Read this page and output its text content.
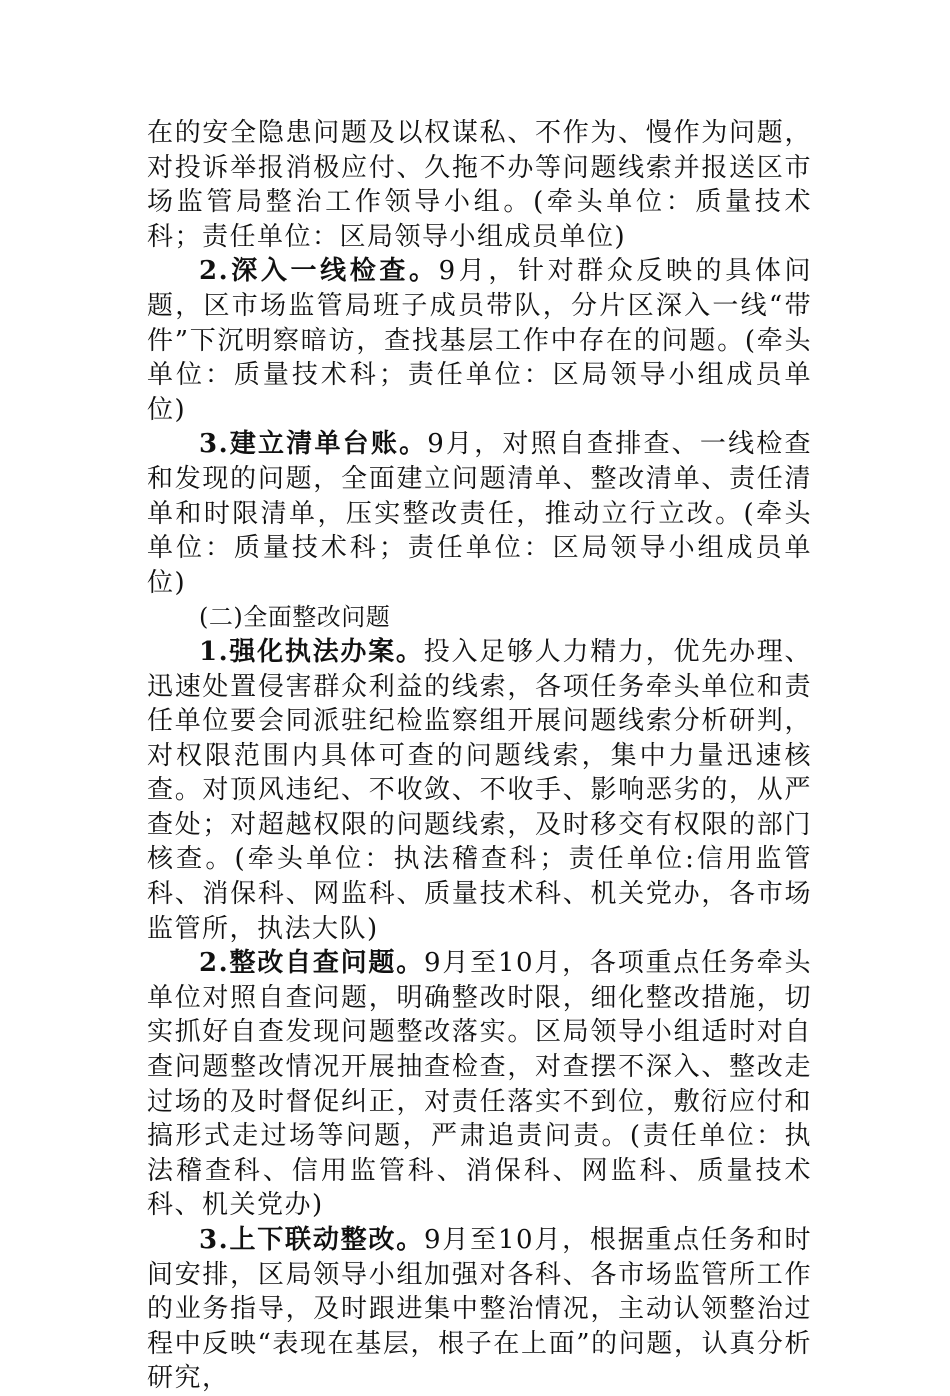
在的安全隐患问题及以权谋私、不作为、慢作为问题，对投诉举报消极应付、久拖不办等问题线索并报送区市场监管局整治工作领导小组。(牵头单位：质量技术科；责任单位：区局领导小组成员单位)

2.深入一线检查。9月，针对群众反映的具体问题，区市场监管局班子成员带队，分片区深入一线“带件”下沉明察暗访，查找基层工作中存在的问题。(牵头单位：质量技术科；责任单位：区局领导小组成员单位)

3.建立清单台账。9月，对照自查排查、一线检查和发现的问题，全面建立问题清单、整改清单、责任清单和时限清单，压实整改责任，推动立行立改。(牵头单位：质量技术科；责任单位：区局领导小组成员单位)

(二)全面整改问题

1.强化执法办案。投入足够人力精力，优先办理、迅速处置侵害群众利益的线索，各项任务牵头单位和责任单位要会同派驻纪检监察组开展问题线索分析研判，对权限范围内具体可查的问题线索，集中力量迅速核查。对顶风违纪、不收敛、不收手、影响恶劣的，从严查处；对超越权限的问题线索，及时移交有权限的部门核查。(牵头单位：执法稽查科；责任单位:信用监管科、消保科、网监科、质量技术科、机关党办，各市场监管所，执法大队)

2.整改自查问题。9月至10月，各项重点任务牵头单位对照自查问题，明确整改时限，细化整改措施，切实抓好自查发现问题整改落实。区局领导小组适时对自查问题整改情况开展抽查检查，对查摆不深入、整改走过场的及时督促纠正，对责任落实不到位，敷衍应付和搞形式走过场等问题，严肃追责问责。(责任单位：执法稽查科、信用监管科、消保科、网监科、质量技术科、机关党办)

3.上下联动整改。9月至10月，根据重点任务和时间安排，区局领导小组加强对各科、各市场监管所工作的业务指导，及时跟进集中整治情况，主动认领整治过程中反映“表现在基层，根子在上面”的问题，认真分析研究，
